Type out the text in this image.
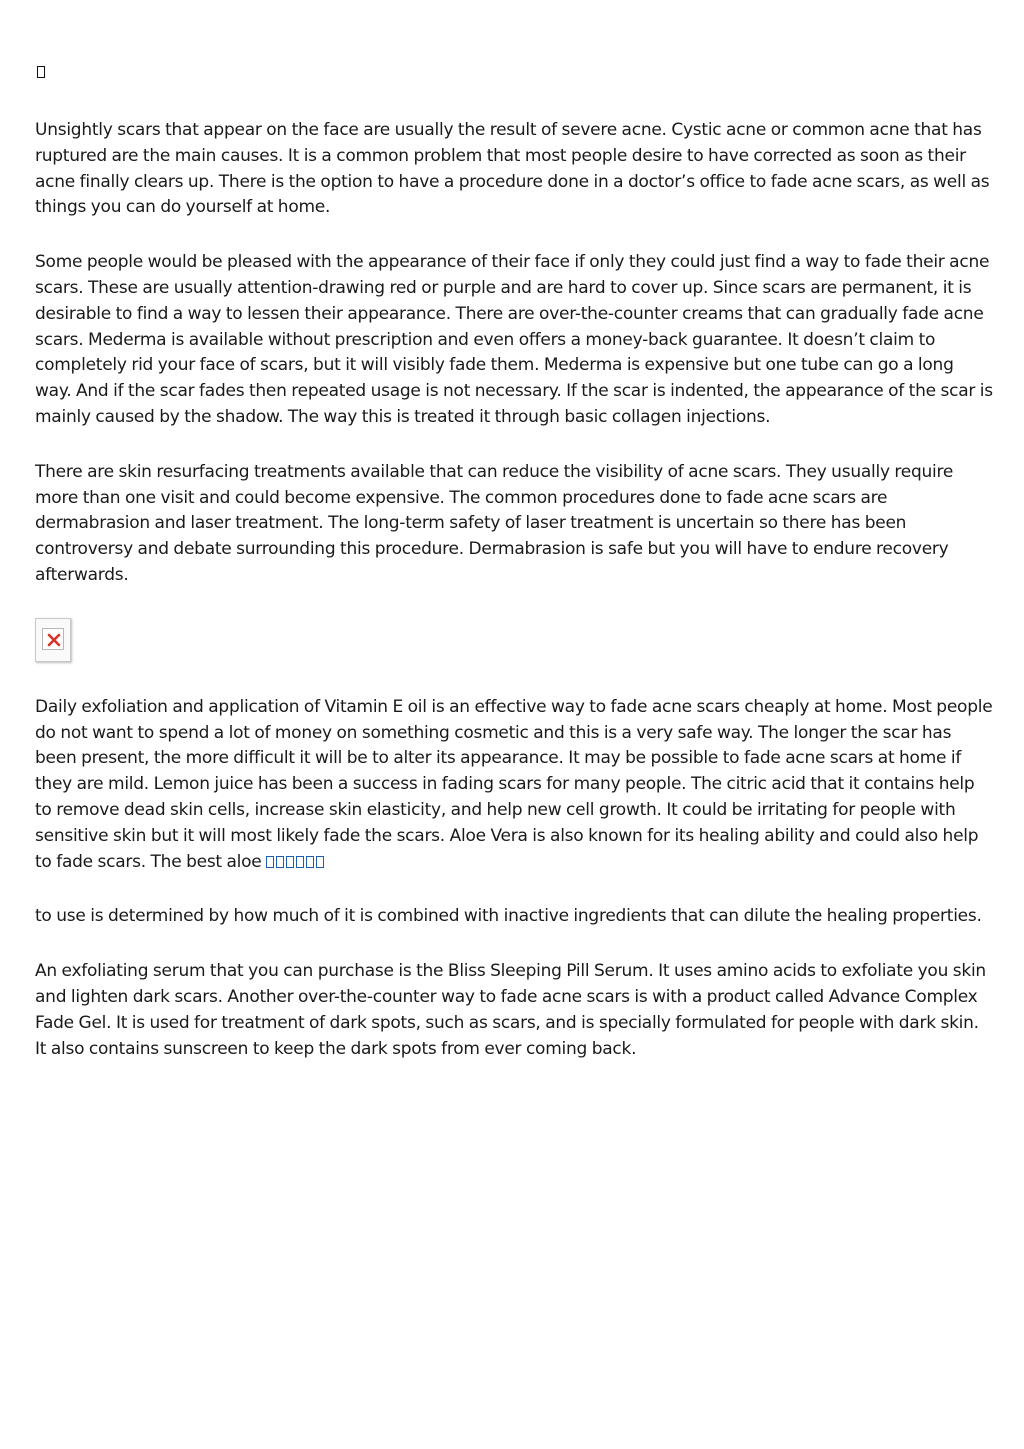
Unsightly scars that appear on the face are usually the result of severe acne. Cystic acne or common acne that has ruptured are the main causes. It is a common problem that most people desire to have corrected as soon as their acne finally clears up. There is the option to have a procedure done in a doctor’s office to fade acne scars, as well as things you can do yourself at home.

Some people would be pleased with the appearance of their face if only they could just find a way to fade their acne scars. These are usually attention-drawing red or purple and are hard to cover up. Since scars are permanent, it is desirable to find a way to lessen their appearance. There are over-the-counter creams that can gradually fade acne scars. Mederma is available without prescription and even offers a money-back guarantee. It doesn’t claim to completely rid your face of scars, but it will visibly fade them. Mederma is expensive but one tube can go a long way. And if the scar fades then repeated usage is not necessary. If the scar is indented, the appearance of the scar is mainly caused by the shadow. The way this is treated it through basic collagen injections.

There are skin resurfacing treatments available that can reduce the visibility of acne scars. They usually require more than one visit and could become expensive. The common procedures done to fade acne scars are dermabrasion and laser treatment. The long-term safety of laser treatment is uncertain so there has been controversy and debate surrounding this procedure. Dermabrasion is safe but you will have to endure recovery afterwards.

Daily exfoliation and application of Vitamin E oil is an effective way to fade acne scars cheaply at home. Most people do not want to spend a lot of money on something cosmetic and this is a very safe way. The longer the scar has been present, the more difficult it will be to alter its appearance. It may be possible to fade acne scars at home if they are mild. Lemon juice has been a success in fading scars for many people. The citric acid that it contains help to remove dead skin cells, increase skin elasticity, and help new cell growth. It could be irritating for people with sensitive skin but it will most likely fade the scars. Aloe Vera is also known for its healing ability and could also help to fade scars. The best aloe

to use is determined by how much of it is combined with inactive ingredients that can dilute the healing properties.

An exfoliating serum that you can purchase is the Bliss Sleeping Pill Serum. It uses amino acids to exfoliate you skin and lighten dark scars. Another over-the-counter way to fade acne scars is with a product called Advance Complex Fade Gel. It is used for treatment of dark spots, such as scars, and is specially formulated for people with dark skin. It also contains sunscreen to keep the dark spots from ever coming back.
